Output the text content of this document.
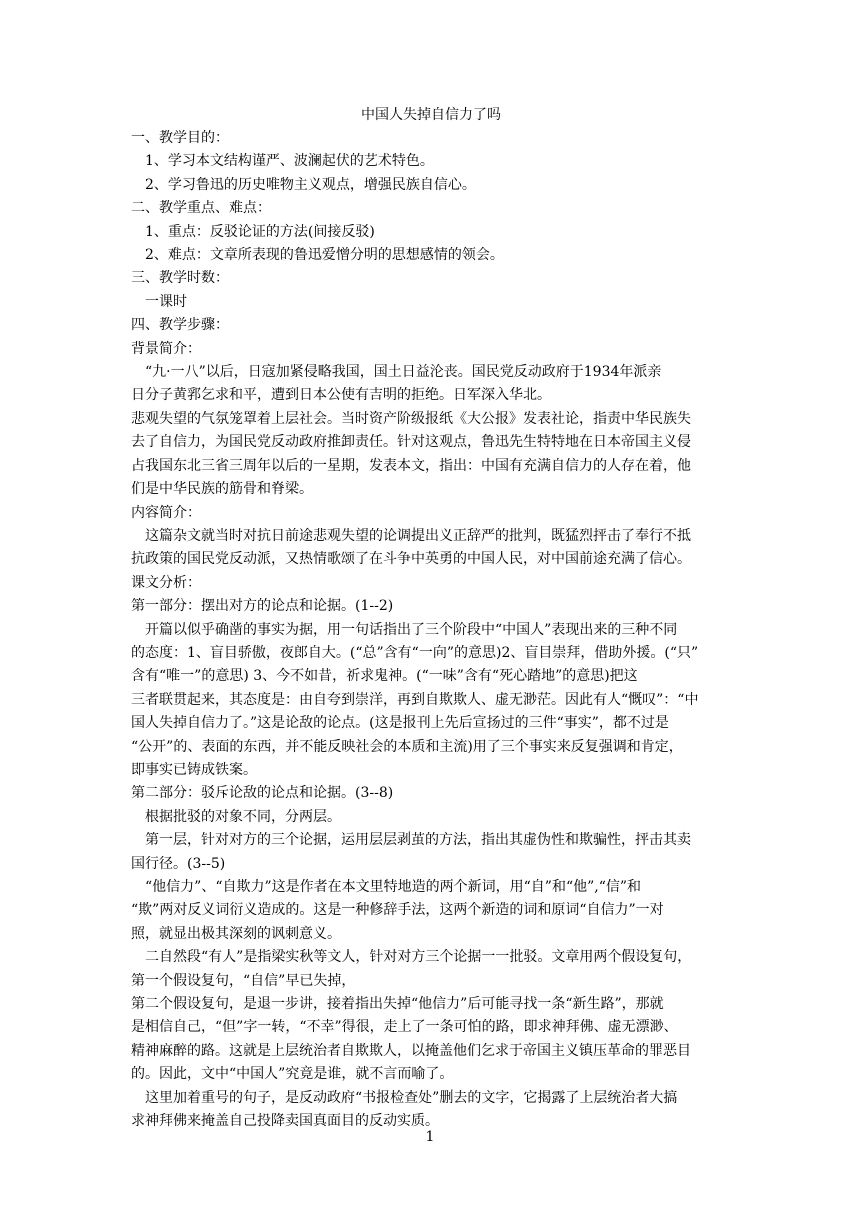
中国人失掉自信力了吗
一、教学目的：
1、学习本文结构谨严、波澜起伏的艺术特色。
2、学习鲁迅的历史唯物主义观点，增强民族自信心。
二、教学重点、难点：
1、重点：反驳论证的方法(间接反驳)
2、难点：文章所表现的鲁迅爱憎分明的思想感情的领会。
三、教学时数：
一课时
四、教学步骤：
背景简介：
“九·一八”以后，日寇加紧侵略我国，国土日益沦丧。国民党反动政府于1934年派亲
日分子黄郛乞求和平，遭到日本公使有吉明的拒绝。日军深入华北。
悲观失望的气氛笼罩着上层社会。当时资产阶级报纸《大公报》发表社论，指责中华民族失
去了自信力，为国民党反动政府推卸责任。针对这观点，鲁迅先生特特地在日本帝国主义侵
占我国东北三省三周年以后的一星期，发表本文，指出：中国有充满自信力的人存在着，他
们是中华民族的筋骨和脊梁。
内容简介：
这篇杂文就当时对抗日前途悲观失望的论调提出义正辞严的批判，既猛烈抨击了奉行不抵
抗政策的国民党反动派，又热情歌颂了在斗争中英勇的中国人民，对中国前途充满了信心。
课文分析：
第一部分：摆出对方的论点和论据。(1--2)
开篇以似乎确凿的事实为据，用一句话指出了三个阶段中“中国人”表现出来的三种不同
的态度：1、盲目骄傲，夜郎自大。(“总”含有“一向”的意思)2、盲目崇拜，借助外援。(“只”
含有“唯一”的意思) 3、今不如昔，祈求鬼神。(“一味”含有“死心踏地”的意思)把这
三者联贯起来，其态度是：由自夸到崇洋，再到自欺欺人、虚无渺茫。因此有人“慨叹”：“中
国人失掉自信力了。”这是论敌的论点。(这是报刊上先后宣扬过的三件“事实”，都不过是
“公开”的、表面的东西，并不能反映社会的本质和主流)用了三个事实来反复强调和肯定，
即事实已铸成铁案。
第二部分：驳斥论敌的论点和论据。(3--8)
根据批驳的对象不同，分两层。
第一层，针对对方的三个论据，运用层层剥茧的方法，指出其虚伪性和欺骗性，抨击其卖
国行径。(3--5)
“他信力”、“自欺力”这是作者在本文里特地造的两个新词，用“自”和“他”,“信”和
“欺”两对反义词衍义造成的。这是一种修辞手法，这两个新造的词和原词“自信力”一对
照，就显出极其深刻的讽刺意义。
二自然段“有人”是指梁实秋等文人，针对对方三个论据一一批驳。文章用两个假设复句，
第一个假设复句，“自信”早已失掉，
第二个假设复句，是退一步讲，接着指出失掉“他信力”后可能寻找一条“新生路”，那就
是相信自己，“但”字一转，“不幸”得很，走上了一条可怕的路，即求神拜佛、虚无漂渺、
精神麻醉的路。这就是上层统治者自欺欺人，以掩盖他们乞求于帝国主义镇压革命的罪恶目
的。因此，文中“中国人”究竟是谁，就不言而喻了。
这里加着重号的句子，是反动政府“书报检查处”删去的文字，它揭露了上层统治者大搞
求神拜佛来掩盖自己投降卖国真面目的反动实质。
1
